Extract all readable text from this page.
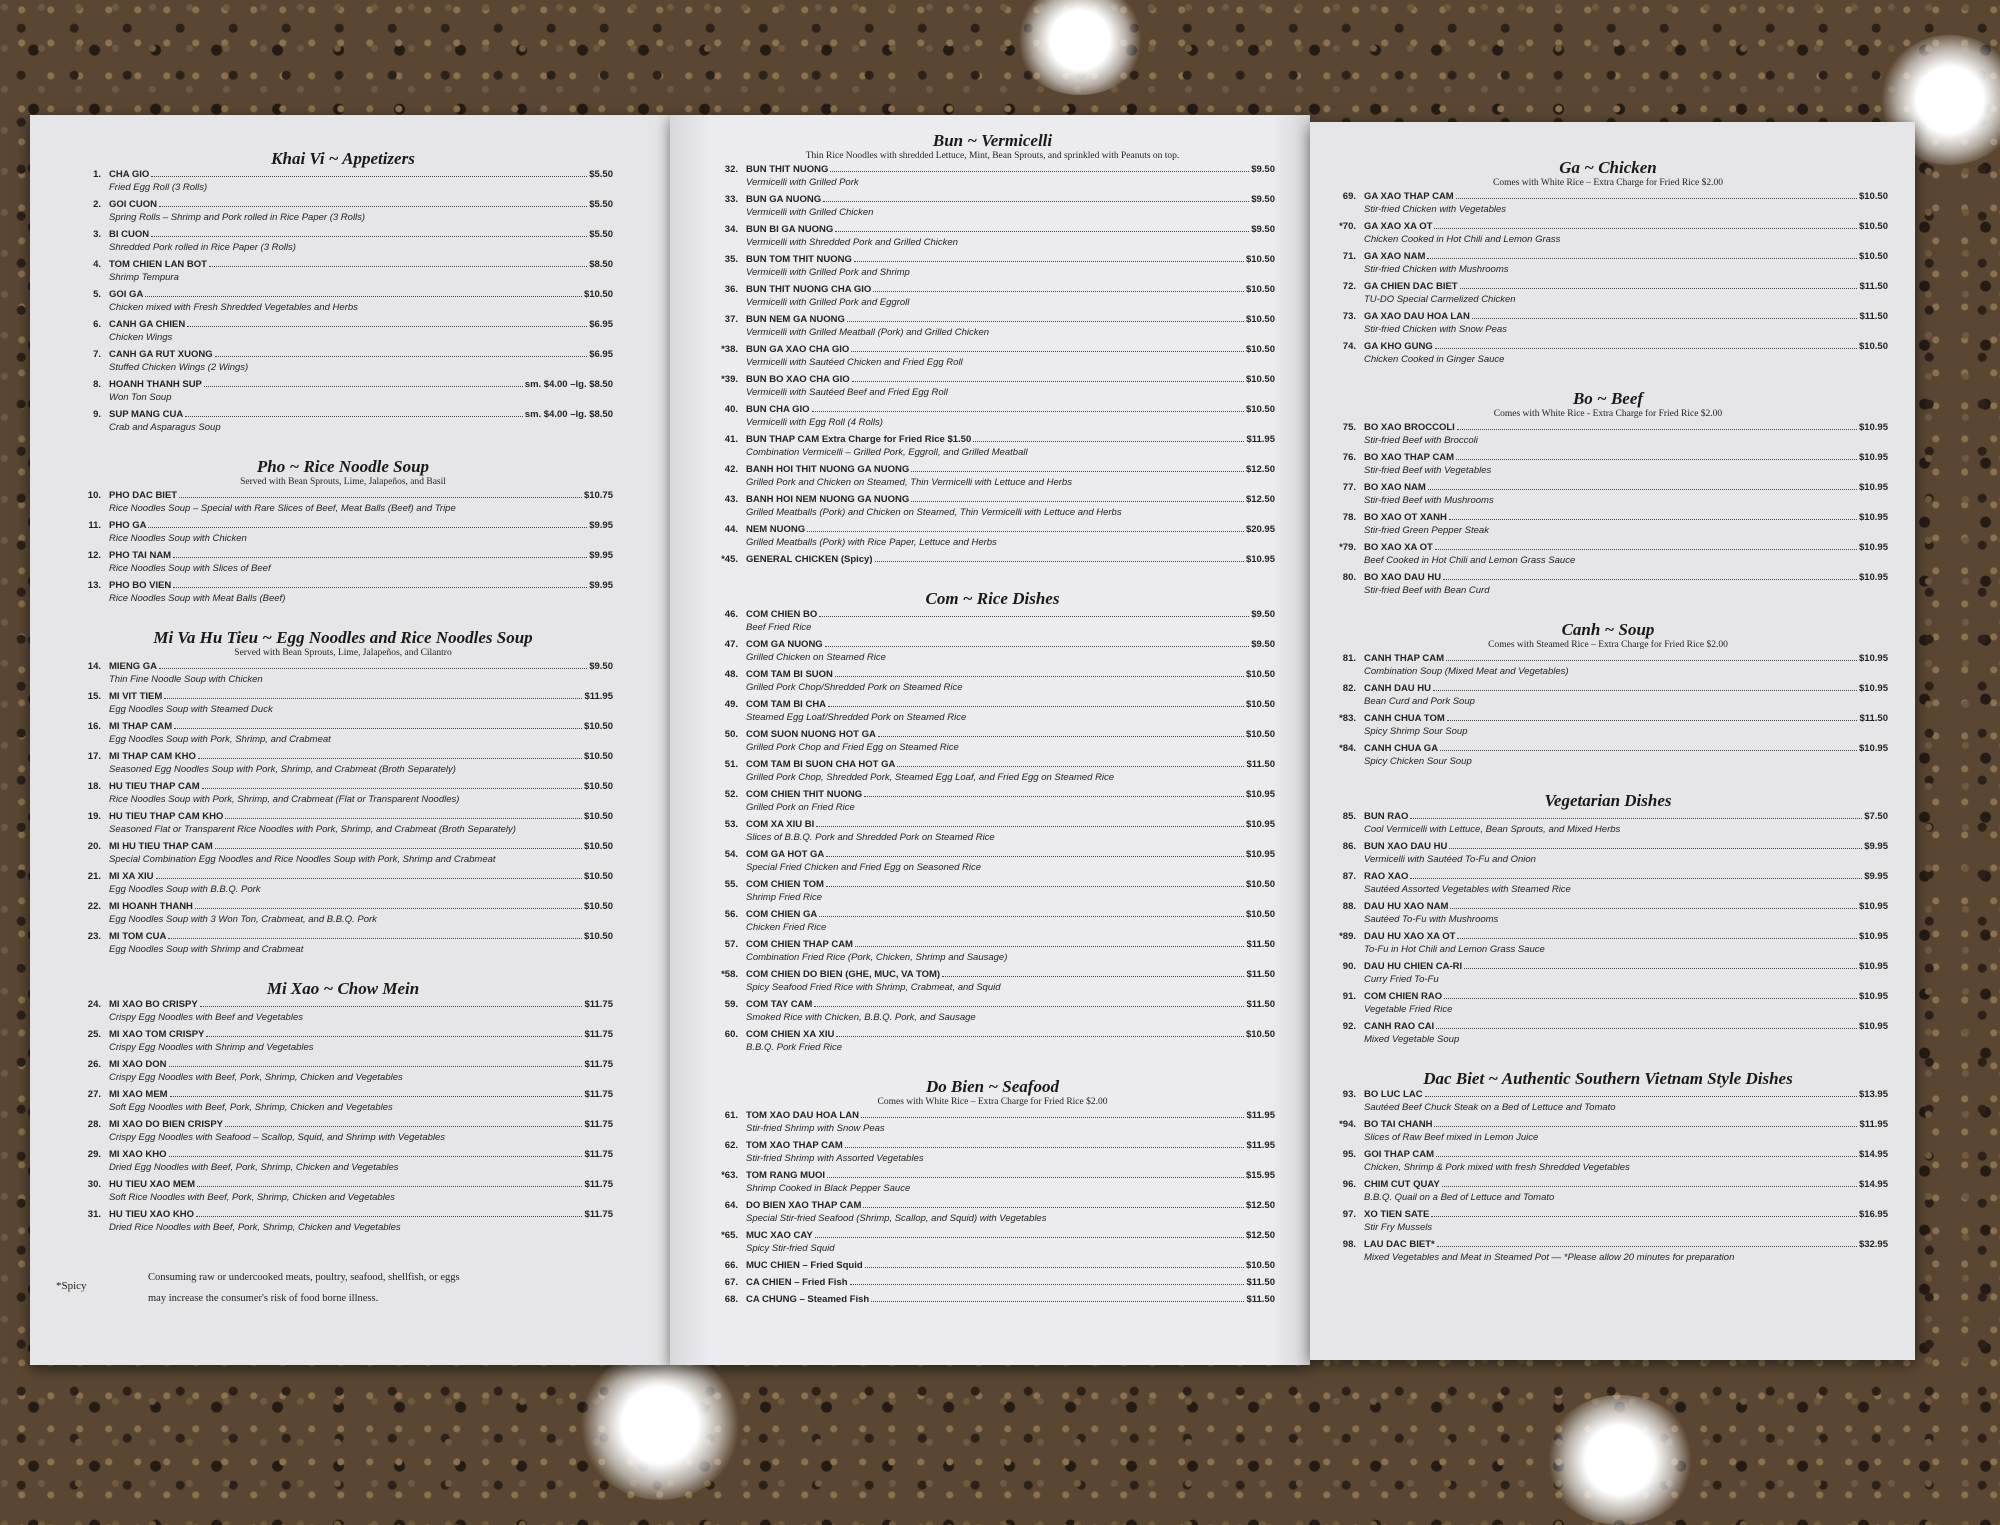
Khai Vi ~ Appetizers
1. CHA GIO	$5.50
Fried Egg Roll (3 Rolls)
2. GOI CUON	$5.50
Spring Rolls – Shrimp and Pork rolled in Rice Paper (3 Rolls)
3. BI CUON	$5.50
Shredded Pork rolled in Rice Paper (3 Rolls)
4. TOM CHIEN LAN BOT	$8.50
Shrimp Tempura
5. GOI GA	$10.50
Chicken mixed with Fresh Shredded Vegetables and Herbs
6. CANH GA CHIEN	$6.95
Chicken Wings
7. CANH GA RUT XUONG	$6.95
Stuffed Chicken Wings (2 Wings)
8. HOANH THANH SUP	sm. $4.00 –lg. $8.50
Won Ton Soup
9. SUP MANG CUA	sm. $4.00 –lg. $8.50
Crab and Asparagus Soup
Pho ~ Rice Noodle Soup
Served with Bean Sprouts, Lime, Jalapeños, and Basil
10. PHO DAC BIET	$10.75
Rice Noodles Soup – Special with Rare Slices of Beef, Meat Balls (Beef) and Tripe
11. PHO GA	$9.95
Rice Noodles Soup with Chicken
12. PHO TAI NAM	$9.95
Rice Noodles Soup with Slices of Beef
13. PHO BO VIEN	$9.95
Rice Noodles Soup with Meat Balls (Beef)
Mi Va Hu Tieu ~ Egg Noodles and Rice Noodles Soup
Served with Bean Sprouts, Lime, Jalapeños, and Cilantro
14. MIENG GA	$9.50
Thin Fine Noodle Soup with Chicken
15. MI VIT TIEM	$11.95
Egg Noodles Soup with Steamed Duck
16. MI THAP CAM	$10.50
Egg Noodles Soup with Pork, Shrimp, and Crabmeat
17. MI THAP CAM KHO	$10.50
Seasoned Egg Noodles Soup with Pork, Shrimp, and Crabmeat (Broth Separately)
18. HU TIEU THAP CAM	$10.50
Rice Noodles Soup with Pork, Shrimp, and Crabmeat (Flat or Transparent Noodles)
19. HU TIEU THAP CAM KHO	$10.50
Seasoned Flat or Transparent Rice Noodles with Pork, Shrimp, and Crabmeat (Broth Separately)
20. MI HU TIEU THAP CAM	$10.50
Special Combination Egg Noodles and Rice Noodles Soup with Pork, Shrimp and Crabmeat
21. MI XA XIU	$10.50
Egg Noodles Soup with B.B.Q. Pork
22. MI HOANH THANH	$10.50
Egg Noodles Soup with 3 Won Ton, Crabmeat, and B.B.Q. Pork
23. MI TOM CUA	$10.50
Egg Noodles Soup with Shrimp and Crabmeat
Mi Xao ~ Chow Mein
24. MI XAO BO CRISPY	$11.75
Crispy Egg Noodles with Beef and Vegetables
25. MI XAO TOM CRISPY	$11.75
Crispy Egg Noodles with Shrimp and Vegetables
26. MI XAO DON	$11.75
Crispy Egg Noodles with Beef, Pork, Shrimp, Chicken and Vegetables
27. MI XAO MEM	$11.75
Soft Egg Noodles with Beef, Pork, Shrimp, Chicken and Vegetables
28. MI XAO DO BIEN CRISPY	$11.75
Crispy Egg Noodles with Seafood – Scallop, Squid, and Shrimp with Vegetables
29. MI XAO KHO	$11.75
Dried Egg Noodles with Beef, Pork, Shrimp, Chicken and Vegetables
30. HU TIEU XAO MEM	$11.75
Soft Rice Noodles with Beef, Pork, Shrimp, Chicken and Vegetables
31. HU TIEU XAO KHO	$11.75
Dried Rice Noodles with Beef, Pork, Shrimp, Chicken and Vegetables
*Spicy
Consuming raw or undercooked meats, poultry, seafood, shellfish, or eggs may increase the consumer's risk of food borne illness.
Bun ~ Vermicelli
Thin Rice Noodles with shredded Lettuce, Mint, Bean Sprouts, and sprinkled with Peanuts on top.
32. BUN THIT NUONG	$9.50
Vermicelli with Grilled Pork
33. BUN GA NUONG	$9.50
Vermicelli with Grilled Chicken
34. BUN BI GA NUONG	$9.50
Vermicelli with Shredded Pork and Grilled Chicken
35. BUN TOM THIT NUONG	$10.50
Vermicelli with Grilled Pork and Shrimp
36. BUN THIT NUONG CHA GIO	$10.50
Vermicelli with Grilled Pork and Eggroll
37. BUN NEM GA NUONG	$10.50
Vermicelli with Grilled Meatball (Pork) and Grilled Chicken
*38. BUN GA XAO CHA GIO	$10.50
Vermicelli with Sautéed Chicken and Fried Egg Roll
*39. BUN BO XAO CHA GIO	$10.50
Vermicelli with Sautéed Beef and Fried Egg Roll
40. BUN CHA GIO	$10.50
Vermicelli with Egg Roll (4 Rolls)
41. BUN THAP CAM Extra Charge for Fried Rice $1.50	$11.95
Combination Vermicelli – Grilled Pork, Eggroll, and Grilled Meatball
42. BANH HOI THIT NUONG GA NUONG	$12.50
Grilled Pork and Chicken on Steamed, Thin Vermicelli with Lettuce and Herbs
43. BANH HOI NEM NUONG GA NUONG	$12.50
Grilled Meatballs (Pork) and Chicken on Steamed, Thin Vermicelli with Lettuce and Herbs
44. NEM NUONG	$20.95
Grilled Meatballs (Pork) with Rice Paper, Lettuce and Herbs
*45. GENERAL CHICKEN (Spicy)	$10.95
Com ~ Rice Dishes
46. COM CHIEN BO	$9.50
Beef Fried Rice
47. COM GA NUONG	$9.50
Grilled Chicken on Steamed Rice
48. COM TAM BI SUON	$10.50
Grilled Pork Chop/Shredded Pork on Steamed Rice
49. COM TAM BI CHA	$10.50
Steamed Egg Loaf/Shredded Pork on Steamed Rice
50. COM SUON NUONG HOT GA	$10.50
Grilled Pork Chop and Fried Egg on Steamed Rice
51. COM TAM BI SUON CHA HOT GA	$11.50
Grilled Pork Chop, Shredded Pork, Steamed Egg Loaf, and Fried Egg on Steamed Rice
52. COM CHIEN THIT NUONG	$10.95
Grilled Pork on Fried Rice
53. COM XA XIU BI	$10.95
Slices of B.B.Q. Pork and Shredded Pork on Steamed Rice
54. COM GA HOT GA	$10.95
Special Fried Chicken and Fried Egg on Seasoned Rice
55. COM CHIEN TOM	$10.50
Shrimp Fried Rice
56. COM CHIEN GA	$10.50
Chicken Fried Rice
57. COM CHIEN THAP CAM	$11.50
Combination Fried Rice (Pork, Chicken, Shrimp and Sausage)
*58. COM CHIEN DO BIEN (GHE, MUC, VA TOM)	$11.50
Spicy Seafood Fried Rice with Shrimp, Crabmeat, and Squid
59. COM TAY CAM	$11.50
Smoked Rice with Chicken, B.B.Q. Pork, and Sausage
60. COM CHIEN XA XIU	$10.50
B.B.Q. Pork Fried Rice
Do Bien ~ Seafood
Comes with White Rice – Extra Charge for Fried Rice $2.00
61. TOM XAO DAU HOA LAN	$11.95
Stir-fried Shrimp with Snow Peas
62. TOM XAO THAP CAM	$11.95
Stir-fried Shrimp with Assorted Vegetables
*63. TOM RANG MUOI	$15.95
Shrimp Cooked in Black Pepper Sauce
64. DO BIEN XAO THAP CAM	$12.50
Special Stir-fried Seafood (Shrimp, Scallop, and Squid) with Vegetables
*65. MUC XAO CAY	$12.50
Spicy Stir-fried Squid
66. MUC CHIEN – Fried Squid	$10.50
67. CA CHIEN – Fried Fish	$11.50
68. CA CHUNG – Steamed Fish	$11.50
Ga ~ Chicken
Comes with White Rice – Extra Charge for Fried Rice $2.00
69. GA XAO THAP CAM	$10.50
Stir-fried Chicken with Vegetables
*70. GA XAO XA OT	$10.50
Chicken Cooked in Hot Chili and Lemon Grass
71. GA XAO NAM	$10.50
Stir-fried Chicken with Mushrooms
72. GA CHIEN DAC BIET	$11.50
TU-DO Special Carmelized Chicken
73. GA XAO DAU HOA LAN	$11.50
Stir-fried Chicken with Snow Peas
74. GA KHO GUNG	$10.50
Chicken Cooked in Ginger Sauce
Bo ~ Beef
Comes with White Rice - Extra Charge for Fried Rice $2.00
75. BO XAO BROCCOLI	$10.95
Stir-fried Beef with Broccoli
76. BO XAO THAP CAM	$10.95
Stir-fried Beef with Vegetables
77. BO XAO NAM	$10.95
Stir-fried Beef with Mushrooms
78. BO XAO OT XANH	$10.95
Stir-fried Green Pepper Steak
*79. BO XAO XA OT	$10.95
Beef Cooked in Hot Chili and Lemon Grass Sauce
80. BO XAO DAU HU	$10.95
Stir-fried Beef with Bean Curd
Canh ~ Soup
Comes with Steamed Rice – Extra Charge for Fried Rice $2.00
81. CANH THAP CAM	$10.95
Combination Soup (Mixed Meat and Vegetables)
82. CANH DAU HU	$10.95
Bean Curd and Pork Soup
*83. CANH CHUA TOM	$11.50
Spicy Shrimp Sour Soup
*84. CANH CHUA GA	$10.95
Spicy Chicken Sour Soup
Vegetarian Dishes
85. BUN RAO	$7.50
Cool Vermicelli with Lettuce, Bean Sprouts, and Mixed Herbs
86. BUN XAO DAU HU	$9.95
Vermicelli with Sautéed To-Fu and Onion
87. RAO XAO	$9.95
Sautéed Assorted Vegetables with Steamed Rice
88. DAU HU XAO NAM	$10.95
Sautéed To-Fu with Mushrooms
*89. DAU HU XAO XA OT	$10.95
To-Fu in Hot Chili and Lemon Grass Sauce
90. DAU HU CHIEN CA-RI	$10.95
Curry Fried To-Fu
91. COM CHIEN RAO	$10.95
Vegetable Fried Rice
92. CANH RAO CAI	$10.95
Mixed Vegetable Soup
Dac Biet ~ Authentic Southern Vietnam Style Dishes
93. BO LUC LAC	$13.95
Sautéed Beef Chuck Steak on a Bed of Lettuce and Tomato
*94. BO TAI CHANH	$11.95
Slices of Raw Beef mixed in Lemon Juice
95. GOI THAP CAM	$14.95
Chicken, Shrimp & Pork mixed with fresh Shredded Vegetables
96. CHIM CUT QUAY	$14.95
B.B.Q. Quail on a Bed of Lettuce and Tomato
97. XO TIEN SATE	$16.95
Stir Fry Mussels
98. LAU DAC BIET*	$32.95
Mixed Vegetables and Meat in Steamed Pot — *Please allow 20 minutes for preparation
